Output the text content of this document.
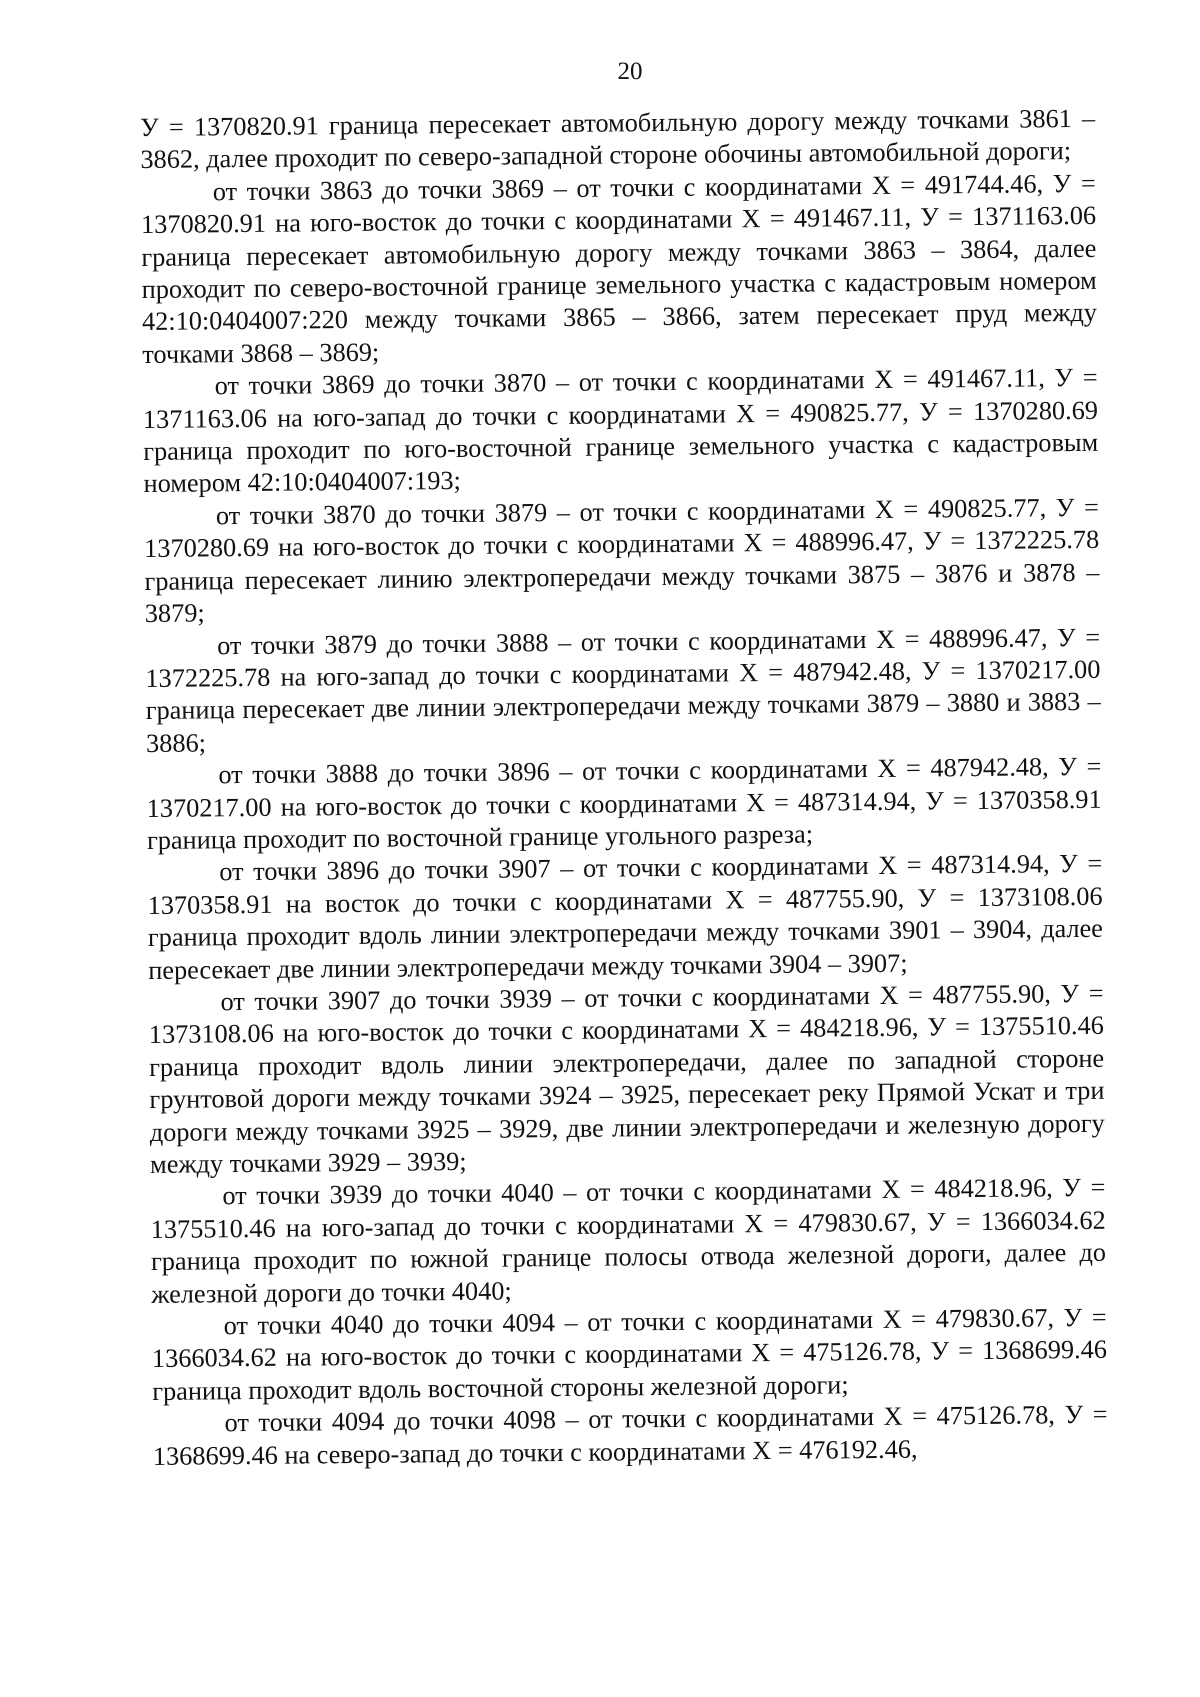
20

У = 1370820.91 граница пересекает автомобильную дорогу между точками 3861 – 3862, далее проходит по северо-западной стороне обочины автомобильной дороги;

от точки 3863 до точки 3869 – от точки с координатами Х = 491744.46, У = 1370820.91 на юго-восток до точки с координатами Х = 491467.11, У = 1371163.06 граница пересекает автомобильную дорогу между точками 3863 – 3864, далее проходит по северо-восточной границе земельного участка с кадастровым номером 42:10:0404007:220 между точками 3865 – 3866, затем пересекает пруд между точками 3868 – 3869;

от точки 3869 до точки 3870 – от точки с координатами Х = 491467.11, У = 1371163.06 на юго-запад до точки с координатами Х = 490825.77, У = 1370280.69 граница проходит по юго-восточной границе земельного участка с кадастровым номером 42:10:0404007:193;

от точки 3870 до точки 3879 – от точки с координатами Х = 490825.77, У = 1370280.69 на юго-восток до точки с координатами Х = 488996.47, У = 1372225.78 граница пересекает линию электропередачи между точками 3875 – 3876 и 3878 – 3879;

от точки 3879 до точки 3888 – от точки с координатами Х = 488996.47, У = 1372225.78 на юго-запад до точки с координатами Х = 487942.48, У = 1370217.00 граница пересекает две линии электропередачи между точками 3879 – 3880 и 3883 – 3886;

от точки 3888 до точки 3896 – от точки с координатами Х = 487942.48, У = 1370217.00 на юго-восток до точки с координатами Х = 487314.94, У = 1370358.91 граница проходит по восточной границе угольного разреза;

от точки 3896 до точки 3907 – от точки с координатами Х = 487314.94, У = 1370358.91 на восток до точки с координатами Х = 487755.90, У = 1373108.06 граница проходит вдоль линии электропередачи между точками 3901 – 3904, далее пересекает две линии электропередачи между точками 3904 – 3907;

от точки 3907 до точки 3939 – от точки с координатами Х = 487755.90, У = 1373108.06 на юго-восток до точки с координатами Х = 484218.96, У = 1375510.46 граница проходит вдоль линии электропередачи, далее по западной стороне грунтовой дороги между точками 3924 – 3925, пересекает реку Прямой Ускат и три дороги между точками 3925 – 3929, две линии электропередачи и железную дорогу между точками 3929 – 3939;

от точки 3939 до точки 4040 – от точки с координатами Х = 484218.96, У = 1375510.46 на юго-запад до точки с координатами Х = 479830.67, У = 1366034.62 граница проходит по южной границе полосы отвода железной дороги, далее до железной дороги до точки 4040;

от точки 4040 до точки 4094 – от точки с координатами Х = 479830.67, У = 1366034.62 на юго-восток до точки с координатами Х = 475126.78, У = 1368699.46 граница проходит вдоль восточной стороны железной дороги;

от точки 4094 до точки 4098 – от точки с координатами Х = 475126.78, У = 1368699.46 на северо-запад до точки с координатами Х = 476192.46,
